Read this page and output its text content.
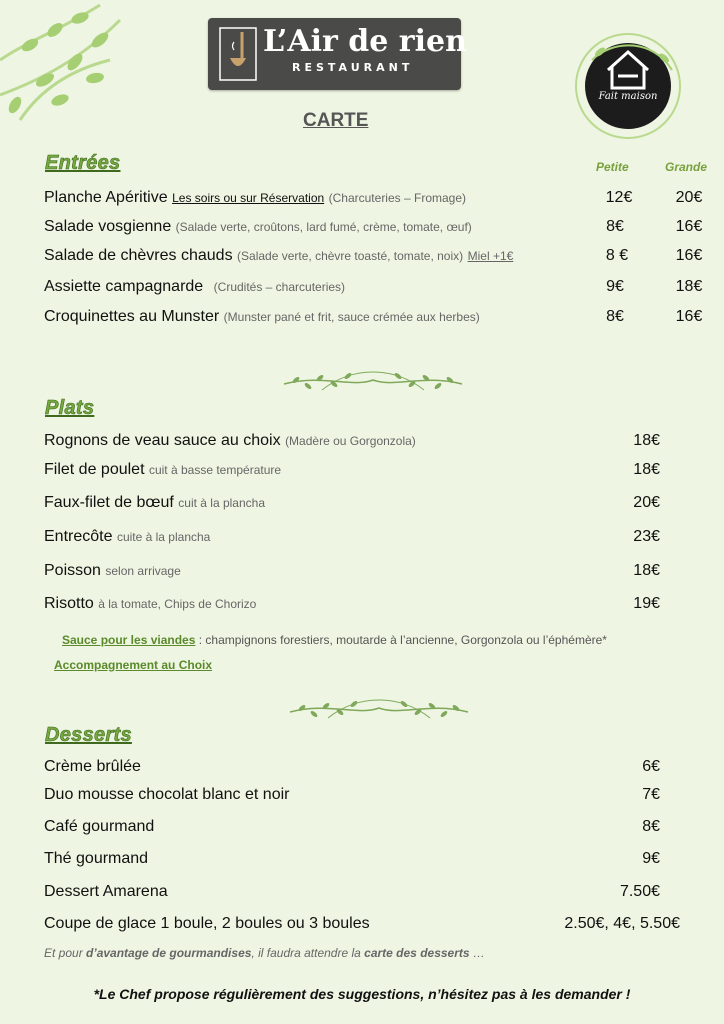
L’Air de rien
RESTAURANT
Fait maison
CARTE
Entrées	Petite	Grande
Planche Apéritive Les soirs ou sur Réservation (Charcuteries – Fromage)	12€	20€
Salade vosgienne (Salade verte, croûtons, lard fumé, crème, tomate, œuf)	8€	16€
Salade de chèvres chauds (Salade verte, chèvre toasté, tomate, noix) Miel +1€	8 €	16€
Assiette campagnarde (Crudités – charcuteries)	9€	18€
Croquinettes au Munster (Munster pané et frit, sauce crémée aux herbes)	8€	16€
Plats
Rognons de veau sauce au choix (Madère ou Gorgonzola)	18€
Filet de poulet cuit à basse température	18€
Faux-filet de bœuf cuit à la plancha	20€
Entrecôte cuite à la plancha	23€
Poisson selon arrivage	18€
Risotto à la tomate, Chips de Chorizo	19€
Sauce pour les viandes : champignons forestiers, moutarde à l’ancienne, Gorgonzola ou l’éphémère*
Accompagnement au Choix
Desserts
Crème brûlée	6€
Duo mousse chocolat blanc et noir	7€
Café gourmand	8€
Thé gourmand	9€
Dessert Amarena	7.50€
Coupe de glace 1 boule, 2 boules ou 3 boules	2.50€, 4€, 5.50€
Et pour d’avantage de gourmandises, il faudra attendre la carte des desserts …
*Le Chef propose régulièrement des suggestions, n’hésitez pas à les demander !
